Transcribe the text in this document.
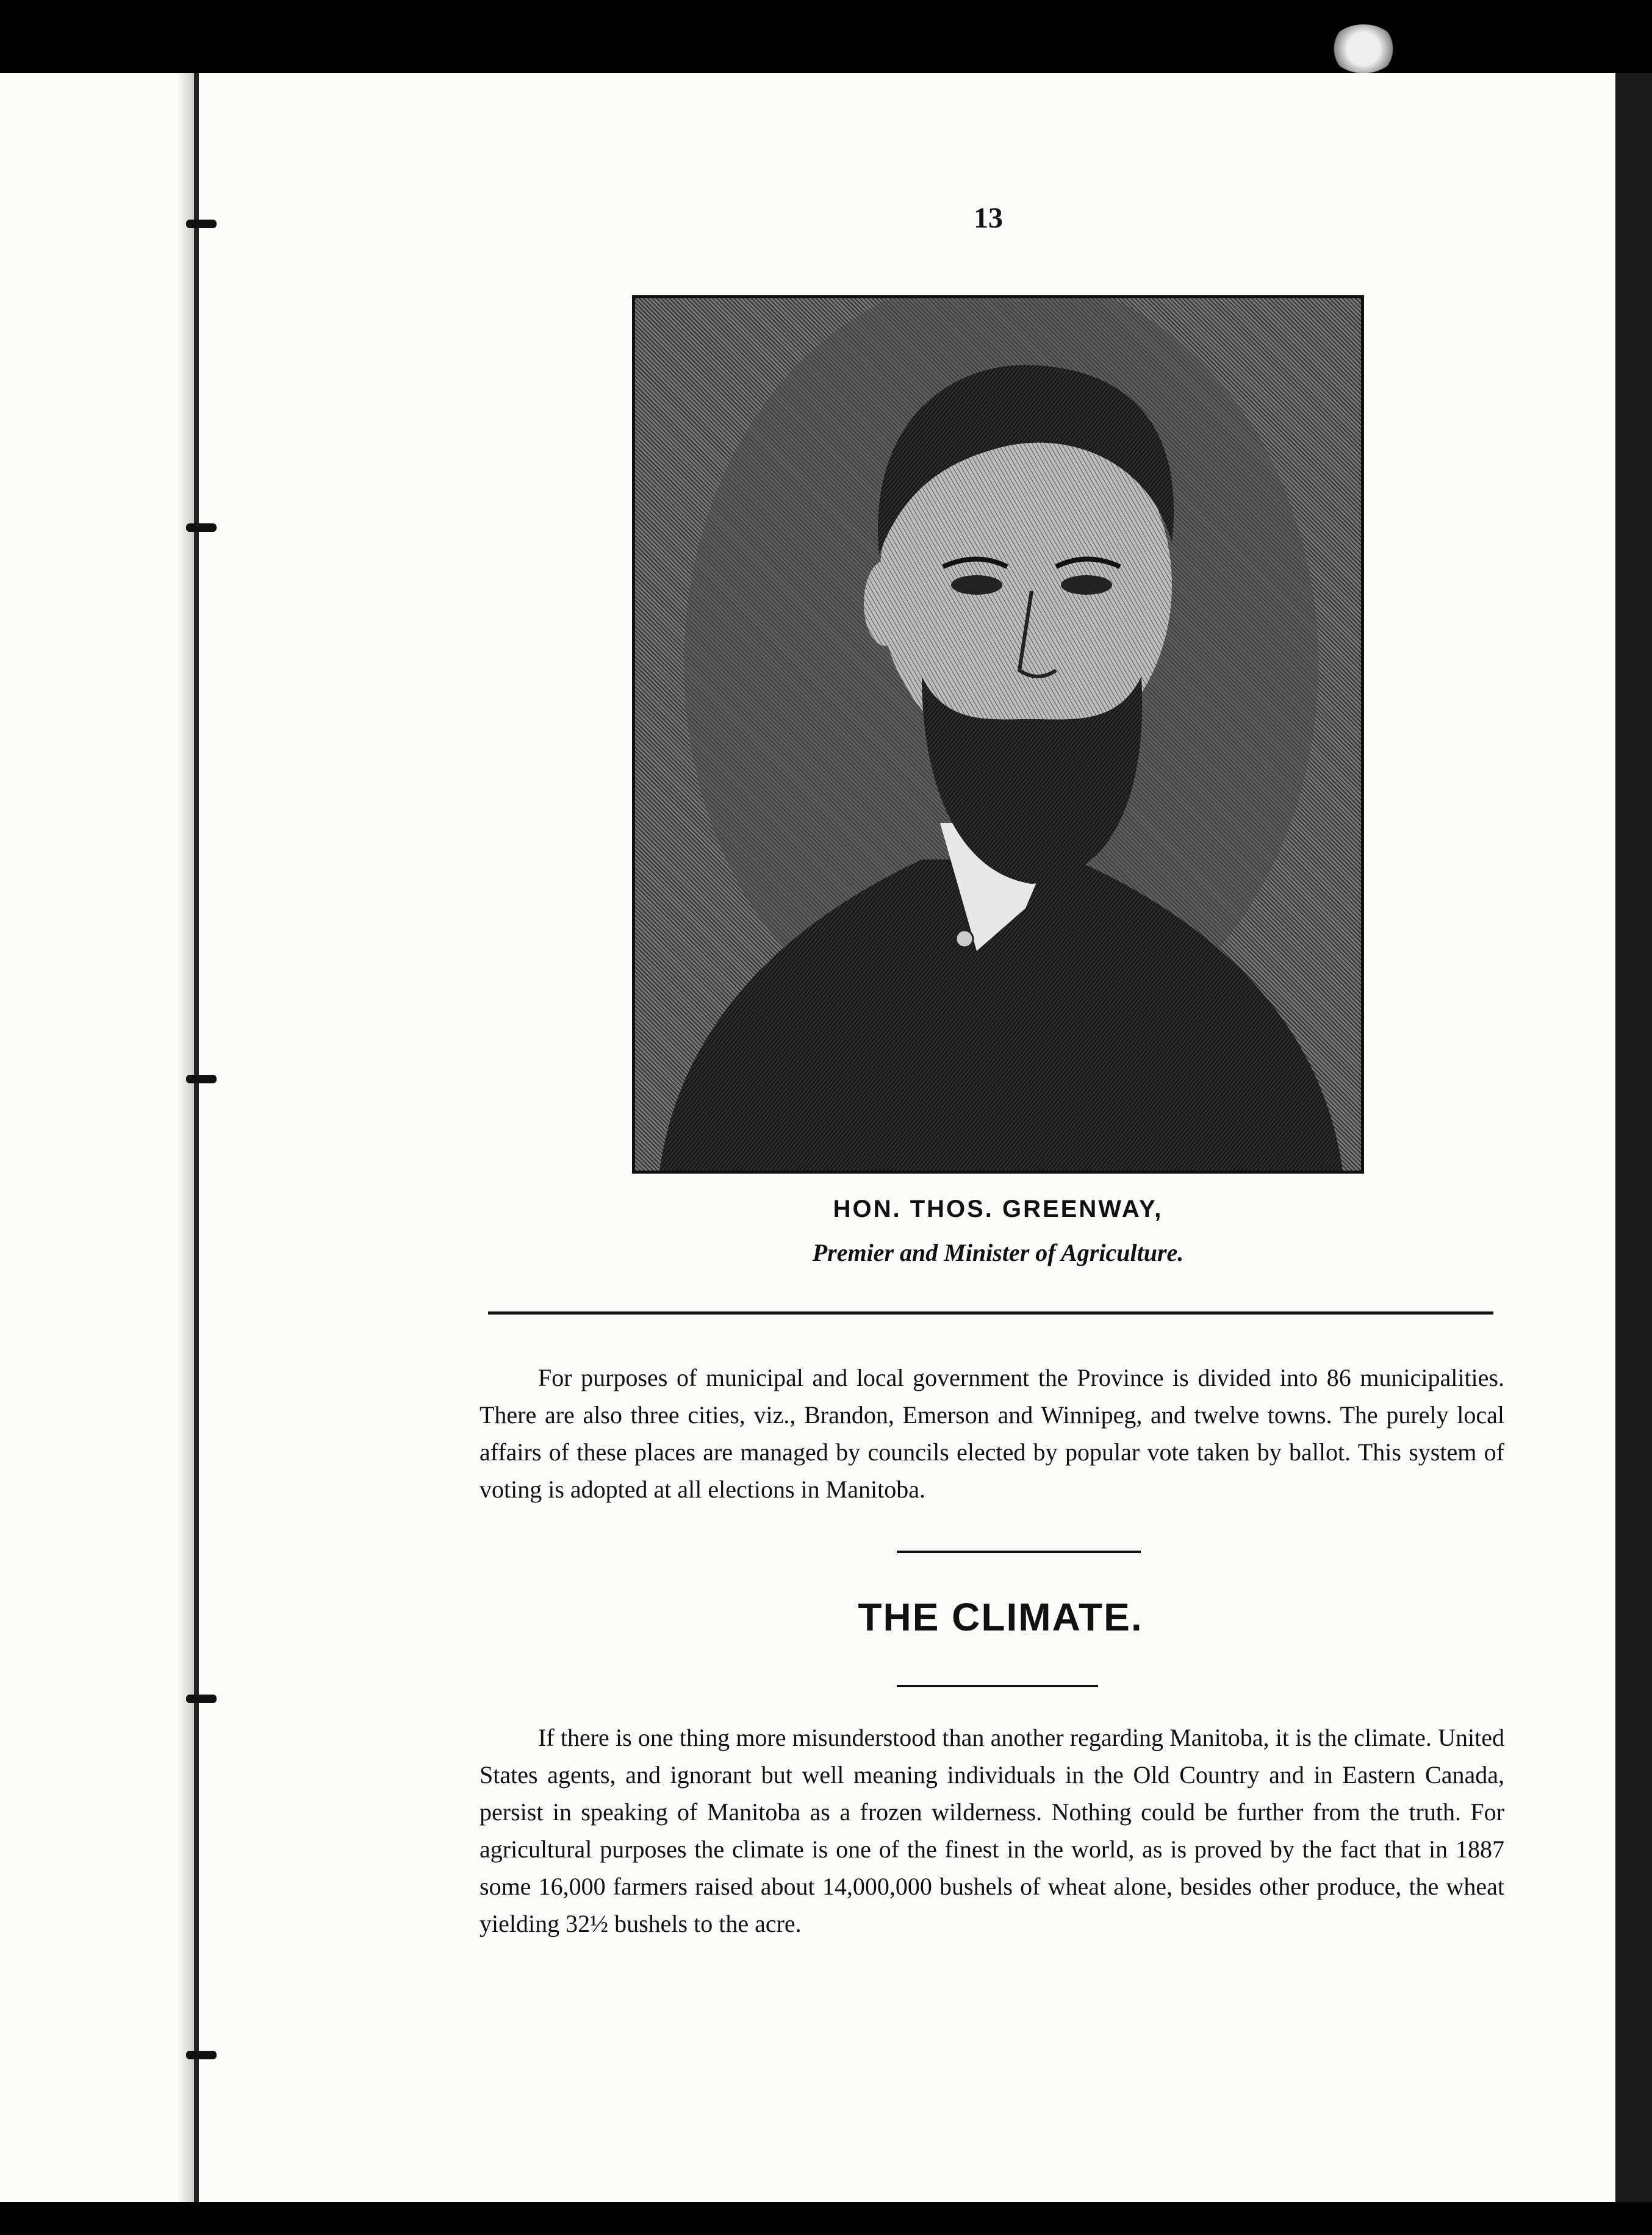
13
HON. THOS. GREENWAY,
Premier and Minister of Agriculture.

For purposes of municipal and local government the Province is divided into 86 municipalities. There are also three cities, viz., Brandon, Emerson and Winnipeg, and twelve towns. The purely local affairs of these places are managed by councils elected by popular vote taken by ballot. This system of voting is adopted at all elections in Manitoba.

THE CLIMATE.

If there is one thing more misunderstood than another regarding Manitoba, it is the climate. United States agents, and ignorant but well meaning individuals in the Old Country and in Eastern Canada, persist in speaking of Manitoba as a frozen wilderness. Nothing could be further from the truth. For agricultural purposes the climate is one of the finest in the world, as is proved by the fact that in 1887 some 16,000 farmers raised about 14,000,000 bushels of wheat alone, besides other produce, the wheat yielding 32½ bushels to the acre.
